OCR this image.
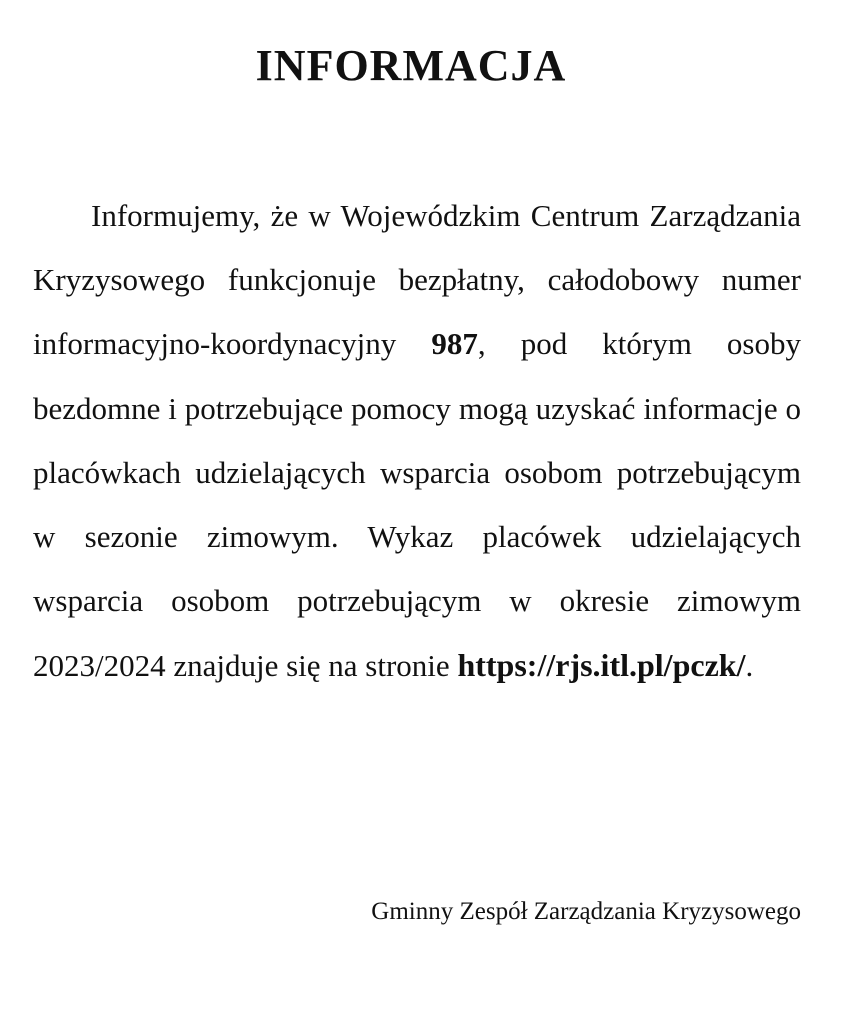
INFORMACJA

Informujemy, że w Wojewódzkim Centrum Zarządzania Kryzysowego funkcjonuje bezpłatny, całodobowy numer informacyjno-koordynacyjny 987, pod którym osoby bezdomne i potrzebujące pomocy mogą uzyskać informacje o placówkach udzielających wsparcia osobom potrzebującym w sezonie zimowym. Wykaz placówek udzielających wsparcia osobom potrzebującym w okresie zimowym 2023/2024 znajduje się na stronie https://rjs.itl.pl/pczk/.

Gminny Zespół Zarządzania Kryzysowego
